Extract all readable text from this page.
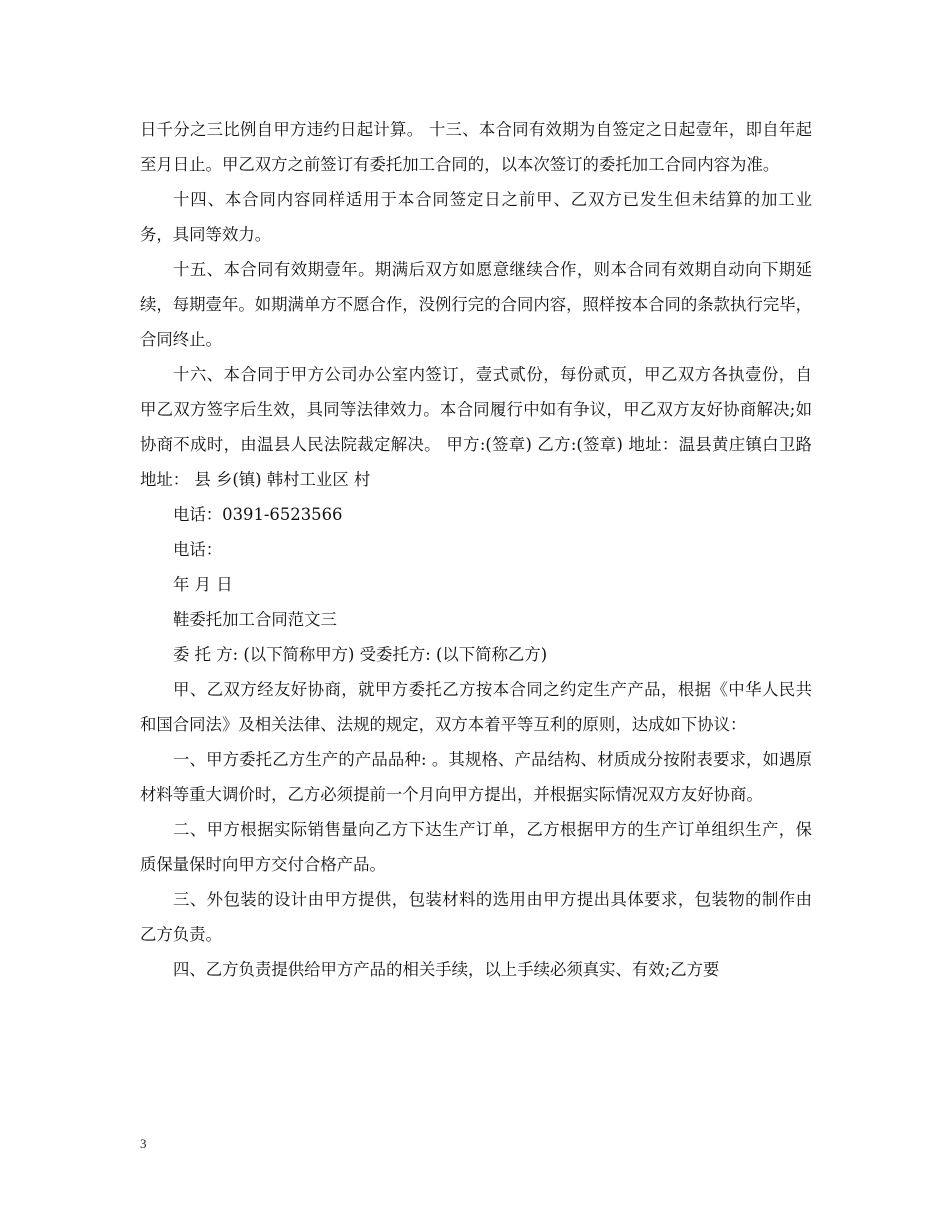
日千分之三比例自甲方违约日起计算。 十三、本合同有效期为自签定之日起壹年，即自年起至月日止。甲乙双方之前签订有委托加工合同的，以本次签订的委托加工合同内容为准。

十四、本合同内容同样适用于本合同签定日之前甲、乙双方已发生但未结算的加工业务，具同等效力。

十五、本合同有效期壹年。期满后双方如愿意继续合作，则本合同有效期自动向下期延续，每期壹年。如期满单方不愿合作，没例行完的合同内容，照样按本合同的条款执行完毕，合同终止。

十六、本合同于甲方公司办公室内签订，壹式贰份，每份贰页，甲乙双方各执壹份，自甲乙双方签字后生效，具同等法律效力。本合同履行中如有争议，甲乙双方友好协商解决;如协商不成时，由温县人民法院裁定解决。 甲方:(签章) 乙方:(签章) 地址：温县黄庄镇白卫路 地址： 县 乡(镇) 韩村工业区 村

电话：0391-6523566

电话：

年 月 日

鞋委托加工合同范文三

委 托 方: (以下简称甲方) 受委托方: (以下简称乙方)

甲、乙双方经友好协商，就甲方委托乙方按本合同之约定生产产品，根据《中华人民共和国合同法》及相关法律、法规的规定，双方本着平等互利的原则，达成如下协议：

一、甲方委托乙方生产的产品品种: 。其规格、产品结构、材质成分按附表要求，如遇原材料等重大调价时，乙方必须提前一个月向甲方提出，并根据实际情况双方友好协商。

二、甲方根据实际销售量向乙方下达生产订单，乙方根据甲方的生产订单组织生产，保质保量保时向甲方交付合格产品。

三、外包装的设计由甲方提供，包装材料的选用由甲方提出具体要求，包装物的制作由乙方负责。

四、乙方负责提供给甲方产品的相关手续，以上手续必须真实、有效;乙方要

3
